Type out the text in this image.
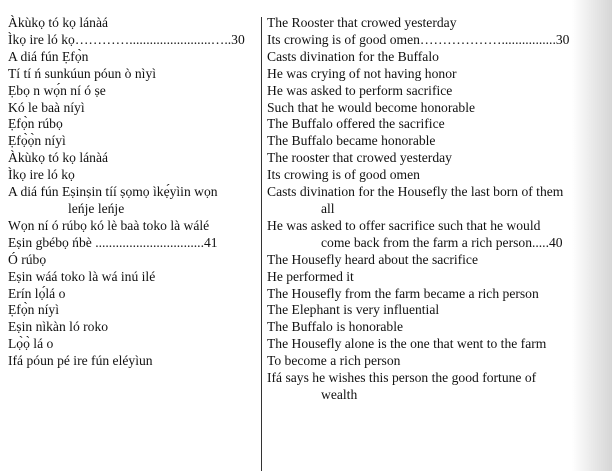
Àkùkọ tó kọ lánàá

Ìkọ ire ló kọ…………........................…..30

A diá fún Ẹfọ̀n

Tí tí ń sunkúun póun ò nìyì

Ẹbọ n wọ́n ní ó ṣe

Kó le baà níyì

Ẹfọ̀n rúbọ

Ẹfọ̀ọ̀n níyì

Àkùkọ tó kọ lánàá

Ìkọ ire ló kọ

A diá fún Eṣinṣin tíí ṣọmọ ìkẹ́yìin wọn

leńje leńje

Wọn ní ó rúbọ kó lè baà toko là wálé

Eṣin gbébọ ńbè ................................41

Ó rúbọ

Eṣin wáá toko là wá inú ilé

Erín lọ́lá o

Ẹfọ̀n níyì

Eṣin nìkàn ló roko

Lọ̀ọ̀ lá o

Ifá póun pé ire fún eléyìun

The Rooster that crowed yesterday

Its crowing is of good omen………………................30

Casts divination for the Buffalo

He was crying of not having honor

He was asked to perform sacrifice

Such that he would become honorable

The Buffalo offered the sacrifice

The Buffalo became honorable

The rooster that crowed yesterday

Its crowing is of good omen

Casts divination for the Housefly the last born of them

all

He was asked to offer sacrifice such that he would

come back from the farm a rich person.....40

The Housefly heard about the sacrifice

He performed it

The Housefly from the farm became a rich person

The Elephant is very influential

The Buffalo is honorable

The Housefly alone is the one that went to the farm

To become a rich person

Ifá says he wishes this person the good fortune of

wealth
